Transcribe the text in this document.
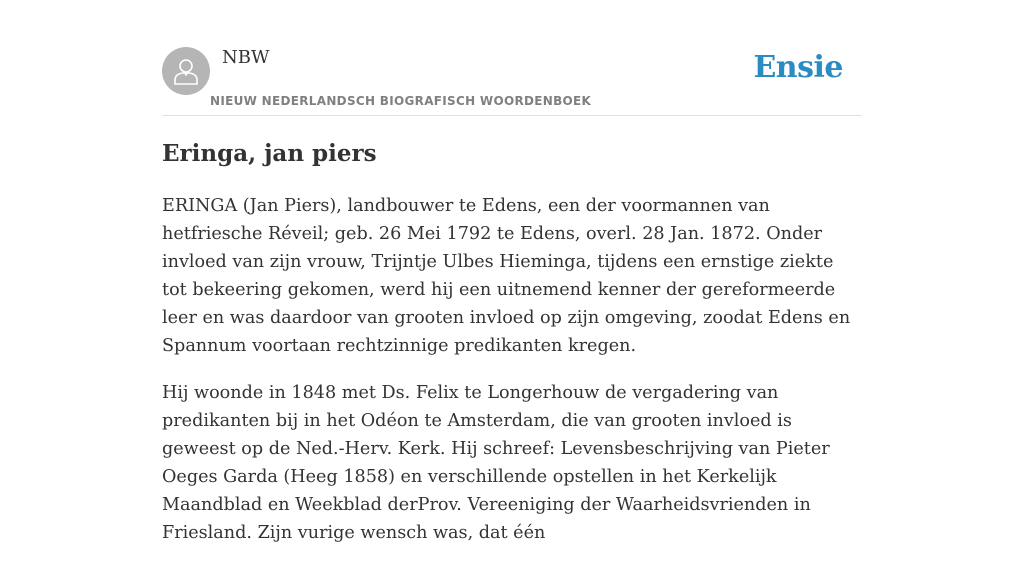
NBW
NIEUW NEDERLANDSCH BIOGRAFISCH WOORDENBOEK
Ensie
Eringa, jan piers

ERINGA (Jan Piers), landbouwer te Edens, een der voormannen van hetfriesche Réveil; geb. 26 Mei 1792 te Edens, overl. 28 Jan. 1872. Onder invloed van zijn vrouw, Trijntje Ulbes Hieminga, tijdens een ernstige ziekte tot bekeering gekomen, werd hij een uitnemend kenner der gereformeerde leer en was daardoor van grooten invloed op zijn omgeving, zoodat Edens en Spannum voortaan rechtzinnige predikanten kregen.

Hij woonde in 1848 met Ds. Felix te Longerhouw de vergadering van predikanten bij in het Odéon te Amsterdam, die van grooten invloed is geweest op de Ned.-Herv. Kerk. Hij schreef: Levensbeschrijving van Pieter Oeges Garda (Heeg 1858) en verschillende opstellen in het Kerkelijk Maandblad en Weekblad derProv. Vereeniging der Waarheidsvrienden in Friesland. Zijn vurige wensch was, dat één
